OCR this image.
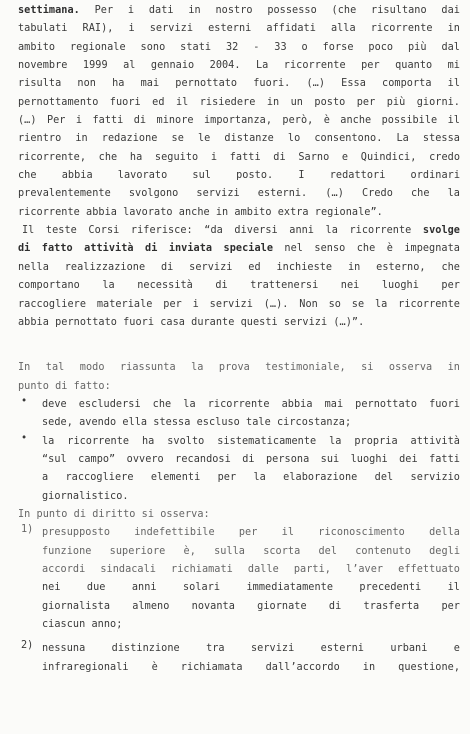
settimana. Per i dati in nostro possesso (che risultano dai
tabulati RAI), i servizi esterni affidati alla ricorrente in
ambito regionale sono stati 32 - 33 o forse poco più dal
novembre 1999 al gennaio 2004. La ricorrente per quanto mi
risulta non ha mai pernottato fuori. (…) Essa comporta il
pernottamento fuori ed il risiedere in un posto per più giorni.
(…) Per i fatti di minore importanza, però, è anche possibile il
rientro in redazione se le distanze lo consentono. La stessa
ricorrente, che ha seguito i fatti di Sarno e Quindici, credo
che abbia lavorato sul posto. I redattori ordinari
prevalentemente svolgono servizi esterni. (…) Credo che la
ricorrente abbia lavorato anche in ambito extra regionale”.
Il teste Corsi riferisce: “da diversi anni la ricorrente svolge
di fatto attività di inviata speciale nel senso che è impegnata
nella realizzazione di servizi ed inchieste in esterno, che
comportano la necessità di trattenersi nei luoghi per
raccogliere materiale per i servizi (…). Non so se la ricorrente
abbia pernottato fuori casa durante questi servizi (…)”.
In tal modo riassunta la prova testimoniale, si osserva in
punto di fatto:
• deve escludersi che la ricorrente abbia mai pernottato fuori
sede, avendo ella stessa escluso tale circostanza;
• la ricorrente ha svolto sistematicamente la propria attività
“sul campo” ovvero recandosi di persona sui luoghi dei fatti
a raccogliere elementi per la elaborazione del servizio
giornalistico.
In punto di diritto si osserva:
1) presupposto indefettibile per il riconoscimento della
funzione superiore è, sulla scorta del contenuto degli
accordi sindacali richiamati dalle parti, l’aver effettuato
nei due anni solari immediatamente precedenti il
giornalista almeno novanta giornate di trasferta per
ciascun anno;
2) nessuna distinzione tra servizi esterni urbani e
infraregionali è richiamata dall’accordo in questione,
